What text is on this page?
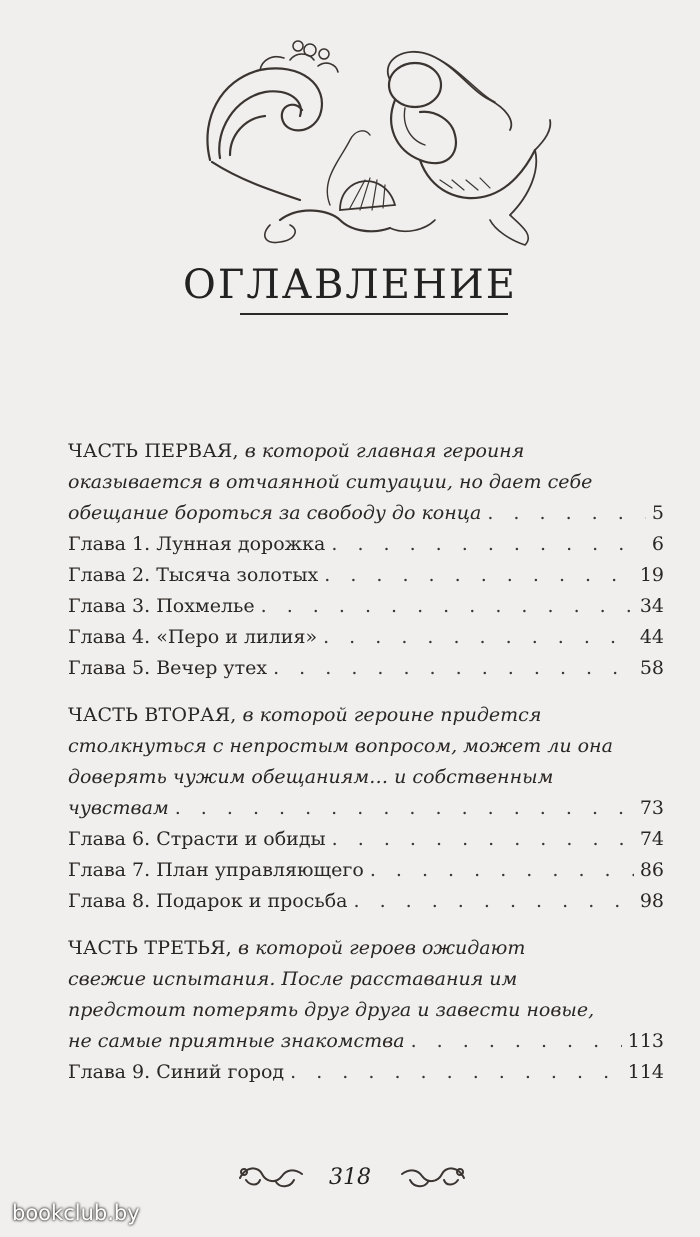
ОГЛАВЛЕНИЕ
ЧАСТЬ ПЕРВАЯ, в которой главная героиня
оказывается в отчаянной ситуации, но дает себе
обещание бороться за свободу до конца . . .	5
Глава 1. Лунная дорожка . . .	6
Глава 2. Тысяча золотых . . .	19
Глава 3. Похмелье . . .	34
Глава 4. «Перо и лилия» . . .	44
Глава 5. Вечер утех . . .	58
ЧАСТЬ ВТОРАЯ, в которой героине придется
столкнуться с непростым вопросом, может ли она
доверять чужим обещаниям… и собственным
чувствам . . .	73
Глава 6. Страсти и обиды . . .	74
Глава 7. План управляющего . . .	86
Глава 8. Подарок и просьба . . .	98
ЧАСТЬ ТРЕТЬЯ, в которой героев ожидают
свежие испытания. После расставания им
предстоит потерять друг друга и завести новые,
не самые приятные знакомства . . .	113
Глава 9. Синий город . . .	114
318
bookclub.by
